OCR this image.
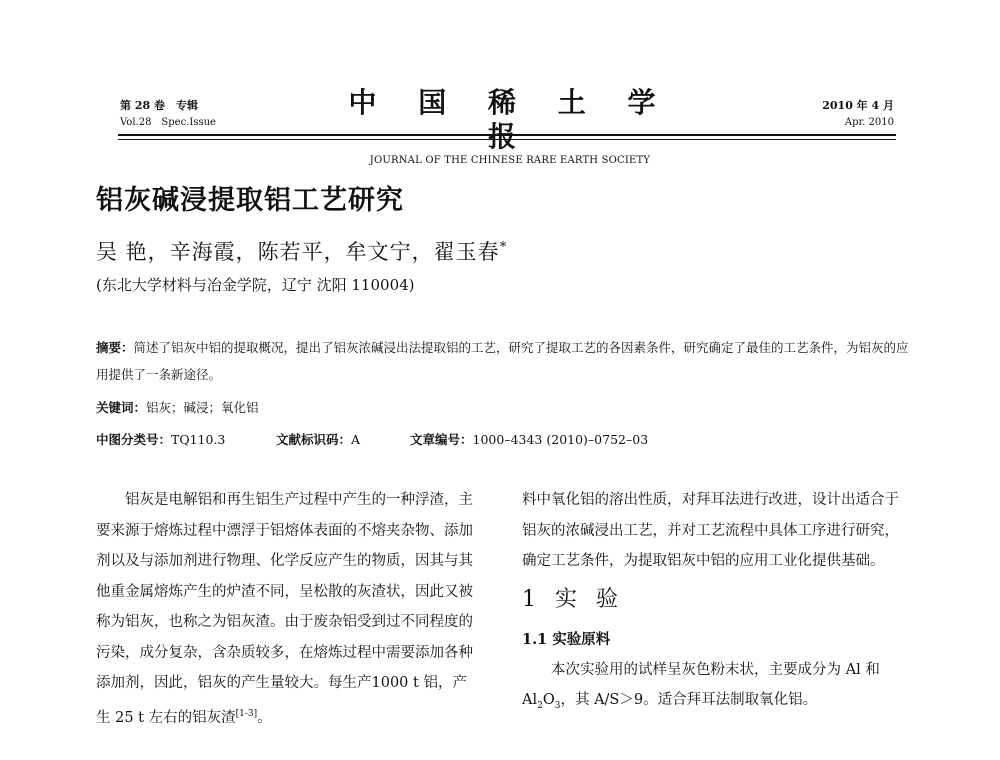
第 28 卷　专辑
Vol.28　Spec.Issue
中 国 稀 土 学 报
JOURNAL OF THE CHINESE RARE EARTH SOCIETY
2010 年 4 月
Apr. 2010
铝灰碱浸提取铝工艺研究
吴 艳，辛海霞，陈若平，牟文宁，翟玉春*
(东北大学材料与冶金学院，辽宁 沈阳 110004)
摘要：简述了铝灰中铝的提取概况，提出了铝灰浓碱浸出法提取铝的工艺，研究了提取工艺的各因素条件，研究确定了最佳的工艺条件，为铝灰的应用提供了一条新途径。
关键词：铝灰；碱浸；氧化铝
中图分类号：TQ110.3	文献标识码：A	文章编号：1000–4343 (2010)–0752–03

铝灰是电解铝和再生铝生产过程中产生的一种浮渣，主要来源于熔炼过程中漂浮于铝熔体表面的不熔夹杂物、添加剂以及与添加剂进行物理、化学反应产生的物质，因其与其他重金属熔炼产生的炉渣不同，呈松散的灰渣状，因此又被称为铝灰，也称之为铝灰渣。由于废杂铝受到过不同程度的污染，成分复杂，含杂质较多，在熔炼过程中需要添加各种添加剂，因此，铝灰的产生量较大。每生产1000 t 铝，产生 25 t 左右的铝灰渣[1-3]。

料中氧化铝的溶出性质，对拜耳法进行改进，设计出适合于铝灰的浓碱浸出工艺，并对工艺流程中具体工序进行研究，确定工艺条件，为提取铝灰中铝的应用工业化提供基础。

1 实 验
1.1 实验原料

本次实验用的试样呈灰色粉末状，主要成分为 Al 和 $Al_2O_3$，其 A/S＞9。适合拜耳法制取氧化铝。
